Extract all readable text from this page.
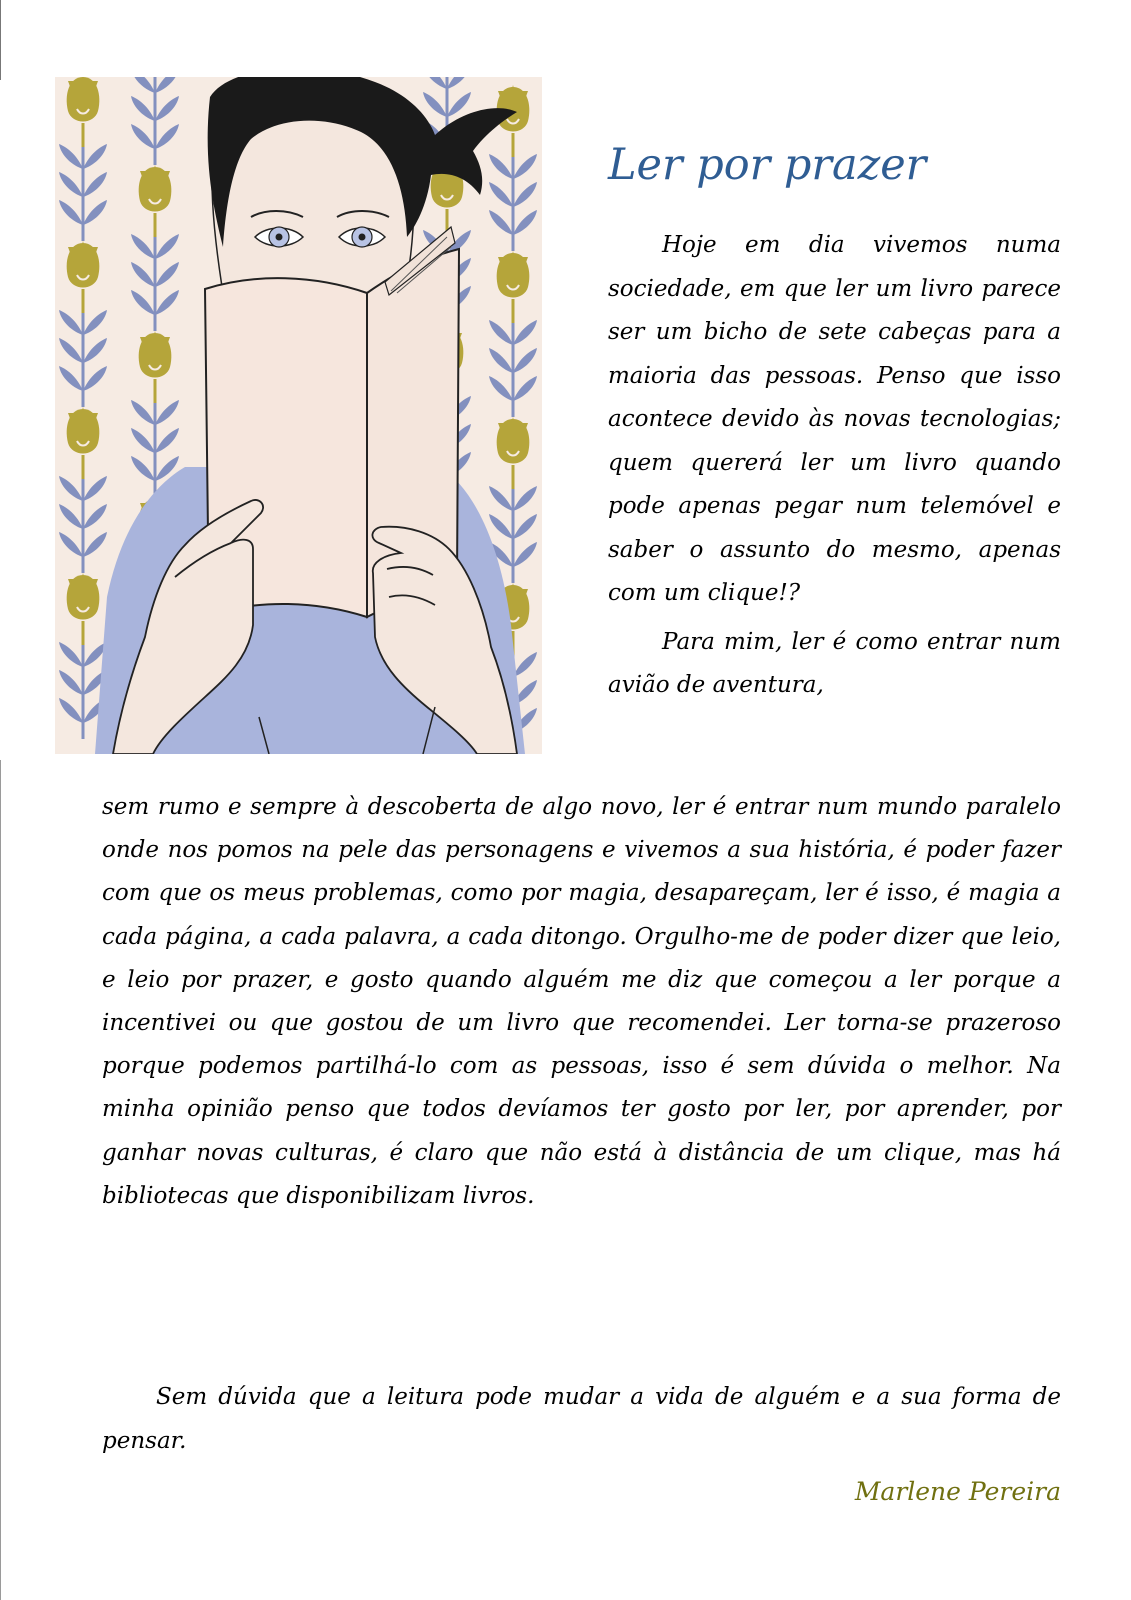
Ler por prazer

Hoje em dia vivemos numa sociedade, em que ler um livro parece ser um bicho de sete cabeças para a maioria das pessoas. Penso que isso acontece devido às novas tecnologias; quem quererá ler um livro quando pode apenas pegar num telemóvel e saber o assunto do mesmo, apenas com um clique!?

Para mim, ler é como entrar num avião de aventura,

sem rumo e sempre à descoberta de algo novo, ler é entrar num mundo paralelo onde nos pomos na pele das personagens e vivemos a sua história, é poder fazer com que os meus problemas, como por magia, desapareçam, ler é isso, é magia a cada página, a cada palavra, a cada ditongo. Orgulho-me de poder dizer que leio, e leio por prazer, e gosto quando alguém me diz que começou a ler porque a incentivei ou que gostou de um livro que recomendei. Ler torna-se prazeroso porque podemos partilhá-lo com as pessoas, isso é sem dúvida o melhor. Na minha opinião penso que todos devíamos ter gosto por ler, por aprender, por ganhar novas culturas, é claro que não está à distância de um clique, mas há bibliotecas que disponibilizam livros.

Sem dúvida que a leitura pode mudar a vida de alguém e a sua forma de pensar.

Marlene Pereira
